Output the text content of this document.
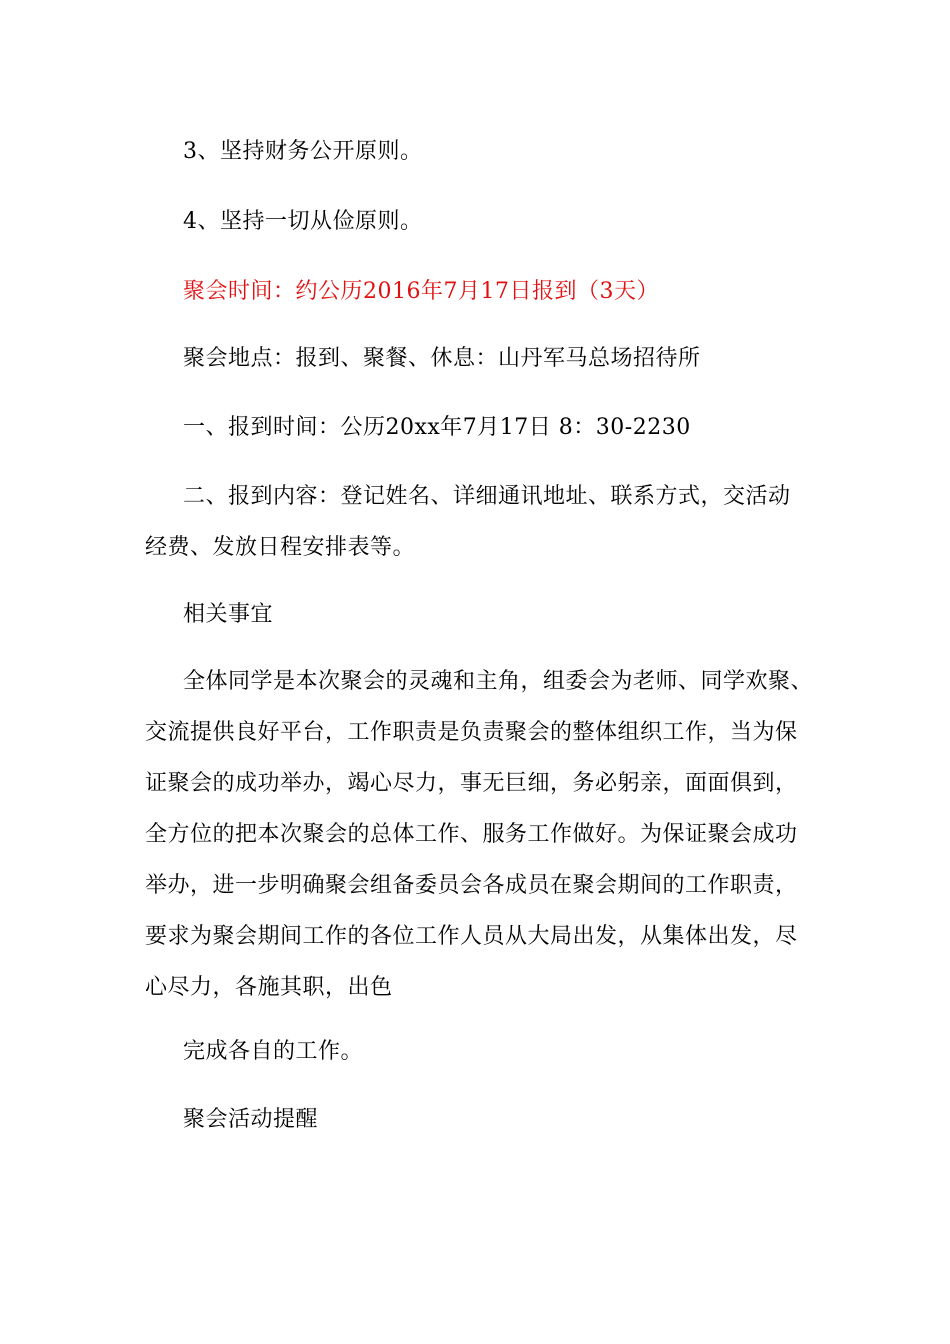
3、坚持财务公开原则。
4、坚持一切从俭原则。
聚会时间：约公历2016年7月17日报到（3天）
聚会地点：报到、聚餐、休息：山丹军马总场招待所
一、报到时间：公历20xx年7月17日 8：30-2230
二、报到内容：登记姓名、详细通讯地址、联系方式，交活动
经费、发放日程安排表等。
相关事宜
全体同学是本次聚会的灵魂和主角，组委会为老师、同学欢聚、
交流提供良好平台，工作职责是负责聚会的整体组织工作，当为保
证聚会的成功举办，竭心尽力，事无巨细，务必躬亲，面面俱到，
全方位的把本次聚会的总体工作、服务工作做好。为保证聚会成功
举办，进一步明确聚会组备委员会各成员在聚会期间的工作职责，
要求为聚会期间工作的各位工作人员从大局出发，从集体出发，尽
心尽力，各施其职，出色
完成各自的工作。
聚会活动提醒
